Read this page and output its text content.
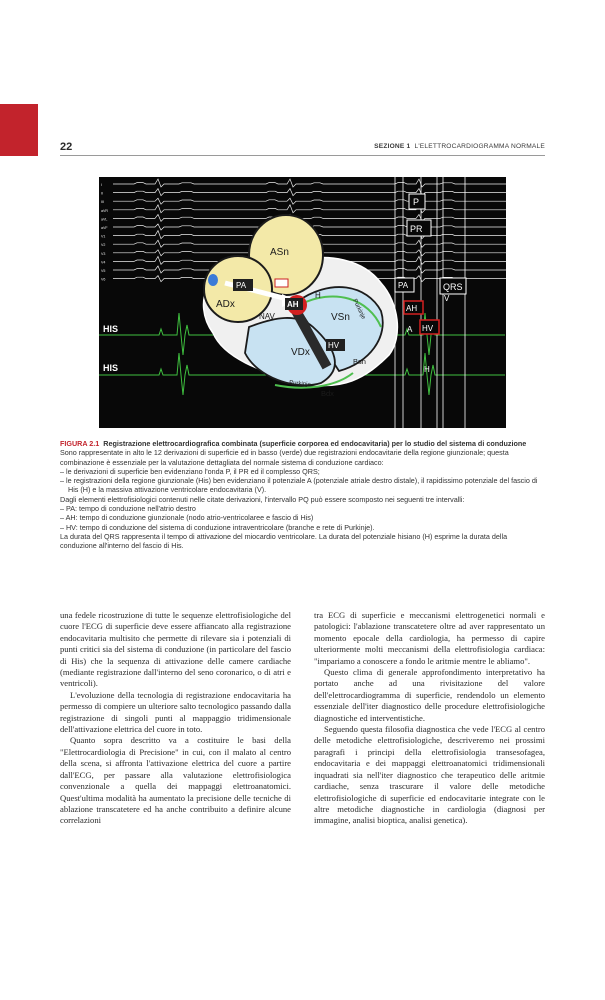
22	SEZIONE 1 L'ELETTROCARDIOGRAMMA NORMALE
I
II
III
aVR
aVL
aVF
V1
V2
V3
V4
V5
V6
ASn
ADx
NAV	VSn
VDx
H
PA
AH
HV
Bsn
Bdx
Purkinje
Purkinje
HIS
HIS
P
PR
PA	QRS
AH
HV
A
V
H

FIGURA 2.1 Registrazione elettrocardiografica combinata (superficie corporea ed endocavitaria) per lo studio del sistema di conduzione

Sono rappresentate in alto le 12 derivazioni di superficie ed in basso (verde) due registrazioni endocavitarie della regione giunzionale; questa combinazione è essenziale per la valutazione dettagliata del normale sistema di conduzione cardiaco:

– le derivazioni di superficie ben evidenziano l'onda P, il PR ed il complesso QRS;

– le registrazioni della regione giunzionale (His) ben evidenziano il potenziale A (potenziale atriale destro distale), il rapidissimo potenziale del fascio di His (H) e la massiva attivazione ventricolare endocavitaria (V).

Dagli elementi elettrofisiologici contenuti nelle citate derivazioni, l'intervallo PQ può essere scomposto nei seguenti tre intervalli:

– PA: tempo di conduzione nell'atrio destro

– AH: tempo di conduzione giunzionale (nodo atrio-ventricolaree e fascio di His)

– HV: tempo di conduzione del sistema di conduzione intraventricolare (branche e rete di Purkinje).

La durata del QRS rappresenta il tempo di attivazione del miocardio ventricolare. La durata del potenziale hisiano (H) esprime la durata della conduzione all'interno del fascio di His.

una fedele ricostruzione di tutte le sequenze elettrofisiologiche del cuore l'ECG di superficie deve essere affiancato alla registrazione endocavitaria multisito che permette di rilevare sia i potenziali di punti critici sia del sistema di conduzione (in particolare del fascio di His) che la sequenza di attivazione delle camere cardiache (mediante registrazione dall'interno del seno coronarico, o di atri e ventricoli).

L'evoluzione della tecnologia di registrazione endocavitaria ha permesso di compiere un ulteriore salto tecnologico passando dalla registrazione di singoli punti al mappaggio tridimensionale dell'attivazione elettrica del cuore in toto.

Quanto sopra descritto va a costituire le basi della "Elettrocardiologia di Precisione" in cui, con il malato al centro della scena, si affronta l'attivazione elettrica del cuore a partire dall'ECG, per passare alla valutazione elettrofisiologica convenzionale a quella dei mappaggi elettroanatomici. Quest'ultima modalità ha aumentato la precisione delle tecniche di ablazione transcatetere ed ha anche contribuito a definire alcune correlazioni

tra ECG di superficie e meccanismi elettrogenetici normali e patologici: l'ablazione transcatetere oltre ad aver rappresentato un momento epocale della cardiologia, ha permesso di capire ulteriormente molti meccanismi della elettrofisiologia cardiaca: "impariamo a conoscere a fondo le aritmie mentre le abliamo".

Questo clima di generale approfondimento interpretativo ha portato anche ad una rivisitazione del valore dell'elettrocardiogramma di superficie, rendendolo un elemento essenziale dell'iter diagnostico delle procedure elettrofisiologiche diagnostiche ed interventistiche.

Seguendo questa filosofia diagnostica che vede l'ECG al centro delle metodiche elettrofisiologiche, descriveremo nei prossimi paragrafi i principi della elettrofisiologia transesofagea, endocavitaria e dei mappaggi elettroanatomici tridimensionali inquadrati sia nell'iter diagnostico che terapeutico delle aritmie cardiache, senza trascurare il valore delle metodiche elettrofisiologiche di superficie ed endocavitarie integrate con le altre metodiche diagnostiche in cardiologia (diagnosi per immagine, analisi bioptica, analisi genetica).
